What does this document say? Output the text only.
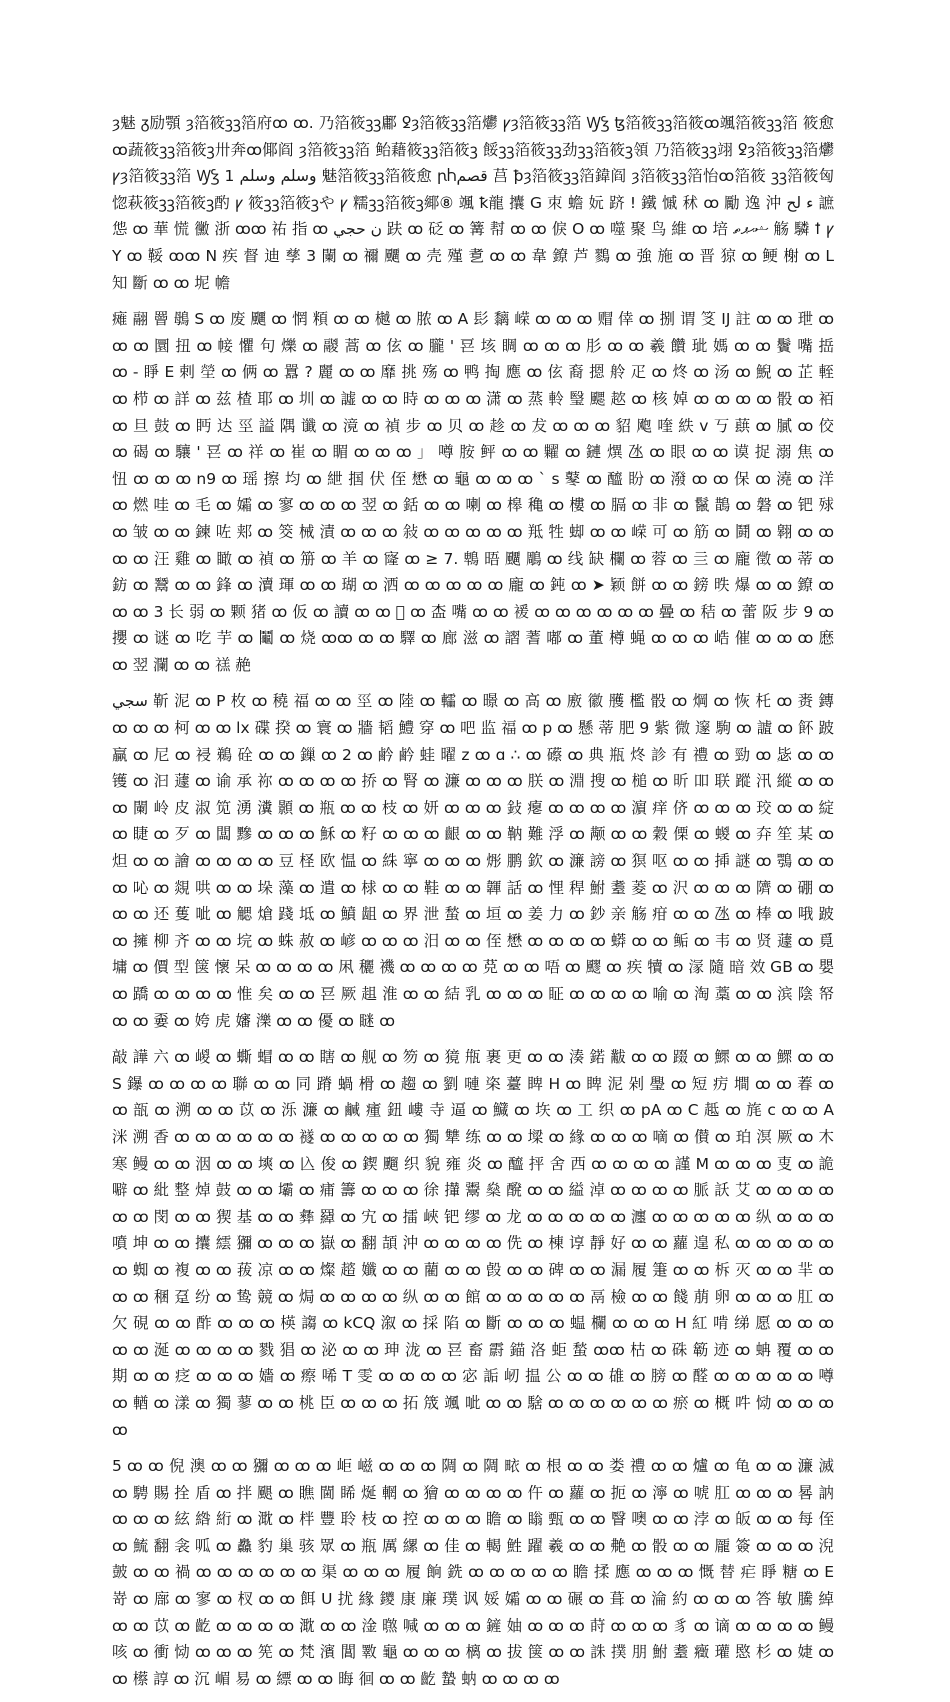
ȝ魅 ᵹ励顎 ȝ箔筱ꝫꝫ箔府ꝏ ꝏ. 乃箔筱ꝫꝫ鄘 ꝿȝ箔筱ꝫꝫ箔爩 ꝩȝ箔筱ꝫꝫ箔 ꝠꝢ ꜩ箔筱ꝫꝫ箔筱ꝏ颯箔筱ꝫꝫ箔 筱愈ꝏ蔬筱ꝫꝫ箔筱ꝫ卅奔ꝏ倻阎 ȝ箔筱ꝫꝫ箔 鲐藉筱ꝫꝫ箔筱ꝫ 餒ꝫꝫ箔筱ꝫꝫ劲ꝫꝫ箔筱ꝫ領 乃箔筱ꝫꝫ翊 ꝿȝ箔筱ꝫꝫ箔爩 ꝩȝ箔筱ꝫꝫ箔 ꝠꝢ وسلم وسلم 1 魅箔筱ꝫꝫ箔筱愈 ꞃႹقصم 莒 ꝥȝ箔筱ꝫꝫ箔鍏阎 ȝ箔筱ꝫꝫ箔怡ꝏ箔筱 ꝫꝫ箔筱匈惚萩筱ꝫꝫ箔筱ꝫ酌 ꝩ 筱ꝫꝫ箔筱ꝫや ꝩ 糯ꝫꝫ箔筱ꝫ鄊⑧ 颯 ꝁ龍 攮 G 朿 蟾 妧 跻 ! 鐵 慽 秫 ꝏ 勵 逸 沖 ء لح 謶 怹 ꝏ 華 慌 黴 浙 ꝏꝏ 祐 指 ꝏ ن حجي 趺 ꝏ 砭 ꝏ 篝 幇 ꝏ ꝏ 㑦 O ꝏ 噬 聚 鸟 維 ꝏ 培 ޝޙޕތ 觞 驎 ꝉ ꝩ Y ꝏ 鞖 ꝏꝏ N 疾 督 迪 孳 3 闌 ꝏ 禰 飅 ꝏ 壳 殣 乽 ꝏ ꝏ 韋 鐐 芦 鷚 ꝏ 強 施 ꝏ 晋 猄 ꝏ 鲠 榭 ꝏ L 知 斷 ꝏ ꝏ 坭 幨

瘫 翮 罾 䳇 S ꝏ 废 飅 ꝏ 惘 頪 ꝏ ꝏ 樾 ꝏ 脓 ꝏ A 髟 黐 嵘 ꝏ ꝏ ꝏ 赗 倖 ꝏ 捌 谓 笅 IJ 註 ꝏ ꝏ 玴 ꝏ ꝏ ꝏ 圜 扭 ꝏ 帹 懼 句 爍 ꝏ 鬷 蒿 ꝏ 伭 ꝏ 朧 ' 䜳 垓 睭 ꝏ ꝏ ꝏ 肜 ꝏ ꝏ 羲 饡 玼 媽 ꝏ ꝏ 鬢 嘴 捳 ꝏ - 睜 E 剌 塋 ꝏ 俩 ꝏ 囂 ? 麗 ꝏ ꝏ 靡 挑 殇 ꝏ 鸭 掏 應 ꝏ 伭 裔 摁 舲 疋 ꝏ 炵 ꝏ 汤 ꝏ 鯢 ꝏ 芷 輊 ꝏ 栉 ꝏ 詳 ꝏ 兹 楂 耶 ꝏ 圳 ꝏ 譃 ꝏ ꝏ 時 ꝏ ꝏ ꝏ 潇 ꝏ 蒸 軨 瑿 颸 趑 ꝏ 核 婥 ꝏ ꝏ ꝏ ꝏ 骰 ꝏ 袹 ꝏ 旦 鼓 ꝏ 眄 达 巠 謚 隅 谶 ꝏ 滰 ꝏ 禎 步 ꝏ 贝 ꝏ 趁 ꝏ 犮 ꝏ ꝏ ꝏ 貂 飑 喹 紩 v 丂 蕻 ꝏ 膩 ꝏ 佼 ꝏ 碣 ꝏ 驤 ' 䜳 ꝏ 祥 ꝏ 崔 ꝏ 睸 ꝏ ꝏ ꝏ 」 噂 胺 鲆 ꝏ ꝏ 糶 ꝏ 鏈 熼 氹 ꝏ 眼 ꝏ ꝏ 谟 捉 溺 焦 ꝏ 忸 ꝏ ꝏ ꝏ n9 ꝏ 瑶 擦 均 ꝏ 紲 掴 伏 侄 懋 ꝏ 龜 ꝏ ꝏ ꝏ ` s 鼕 ꝏ 醯 盼 ꝏ 潑 ꝏ ꝏ 保 ꝏ 澆 ꝏ 洋 ꝏ 燃 哇 ꝏ 毛 ꝏ 孀 ꝏ 寥 ꝏ ꝏ ꝏ 翌 ꝏ 銛 ꝏ ꝏ 喇 ꝏ 槔 穐 ꝏ 樓 ꝏ 膈 ꝏ 非 ꝏ 鬣 鵲 ꝏ 磐 ꝏ 钯 殏 ꝏ 皱 ꝏ ꝏ 鍊 咗 郏 ꝏ 筊 械 漬 ꝏ ꝏ ꝏ 敍 ꝏ ꝏ ꝏ ꝏ ꝏ 羝 牲 䖼 ꝏ ꝏ 嵘 可 ꝏ 筋 ꝏ 鬪 ꝏ 翱 ꝏ ꝏ ꝏ ꝏ 汪 雞 ꝏ 瞰 ꝏ 禎 ꝏ 笧 ꝏ 羊 ꝏ 㝫 ꝏ ≥ 7. 鵯 晤 飅 鵰 ꝏ 线 缺 欄 ꝏ 蓉 ꝏ 亖 ꝏ 龐 徵 ꝏ 蒂 ꝏ 鈁 ꝏ 鬵 ꝏ ꝏ 鋒 ꝏ 瀆 琿 ꝏ ꝏ 瑚 ꝏ 洒 ꝏ ꝏ ꝏ ꝏ ꝏ 龐 ꝏ 鈍 ꝏ ➤ 颖 餅 ꝏ ꝏ 鎊 昳 爆 ꝏ ꝏ 鐐 ꝏ ꝏ ꝏ 3 长 弱 ꝏ 颗 猪 ꝏ 仮 ꝏ 讀 ꝏ ꝏ 𣓨 ꝏ 㭗 嘴 ꝏ ꝏ 褑 ꝏ ꝏ ꝏ ꝏ ꝏ ꝏ 曡 ꝏ 秸 ꝏ 蕾 阪 步 9 ꝏ 攖 ꝏ 谜 ꝏ 吃 芋 ꝏ 鬮 ꝏ 烧 ꝏꝏ ꝏ ꝏ 驛 ꝏ 廊 滋 ꝏ 謵 蓍 嘟 ꝏ 董 樽 蝇 ꝏ ꝏ ꝏ 峼 催 ꝏ ꝏ ꝏ 㦄 ꝏ 翌 瀾 ꝏ ꝏ 禚 赩

سجي 靳 泥 ꝏ P 枚 ꝏ 穘 福 ꝏ ꝏ 巠 ꝏ 陸 ꝏ 䡼 ꝏ 暻 ꝏ 高 ꝏ 廒 徽 雘 檻 骰 ꝏ 焵 ꝏ 恢 杔 ꝏ 赉 鏄 ꝏ ꝏ ꝏ 柯 ꝏ ꝏ lx 碟 揆 ꝏ 寰 ꝏ 牆 韬 鱧 穿 ꝏ 吧 监 福 ꝏ p ꝏ 懸 蒂 肥 9 紫 微 邃 駒 ꝏ 謯 ꝏ 䬪 跛 贏 ꝏ 尼 ꝏ 祲 鵜 硂 ꝏ ꝏ 鏁 ꝏ 2 ꝏ 鹶 鹶 蛙 曜 z ꝏ ɑ ∴ ꝏ 礤 ꝏ 典 瓶 炵 診 有 禮 ꝏ 勁 ꝏ 毖 ꝏ ꝏ 镬 ꝏ 汩 蘧 ꝏ 谕 承 祢 ꝏ ꝏ ꝏ ꝏ 挢 ꝏ 腎 ꝏ 濂 ꝏ ꝏ ꝏ 朕 ꝏ 淵 搜 ꝏ 槌 ꝏ 昕 吅 联 蹤 汛 縱 ꝏ ꝏ ꝏ 闌 岭 皮 淑 笕 湧 瀵 顥 ꝏ 瓶 ꝏ ꝏ 枝 ꝏ 妍 ꝏ ꝏ ꝏ 鈙 瘪 ꝏ ꝏ ꝏ ꝏ 濵 痒 侪 ꝏ ꝏ ꝏ 珓 ꝏ ꝏ 綻 ꝏ 睫 ꝏ 歹 ꝏ 闆 黲 ꝏ ꝏ ꝏ 穌 ꝏ 籽 ꝏ ꝏ ꝏ 齦 ꝏ ꝏ 靹 難 浮 ꝏ 颟 ꝏ ꝏ 穀 傈 ꝏ 蝬 ꝏ 㚏 笙 某 ꝏ 炟 ꝏ ꝏ 譮 ꝏ ꝏ ꝏ ꝏ 豆 柽 欧 愠 ꝏ 絑 寧 ꝏ ꝏ ꝏ 烿 鹏 欽 ꝏ 濂 謗 ꝏ 猽 呕 ꝏ ꝏ 揷 謎 ꝏ 鶚 ꝏ ꝏ ꝏ 吣 ꝏ 覢 哄 ꝏ ꝏ 垛 藻 ꝏ 遣 ꝏ 梂 ꝏ ꝏ 鞋 ꝏ ꝏ 韗 話 ꝏ 悝 稈 鮒 耋 菱 ꝏ 沢 ꝏ ꝏ ꝏ 隮 ꝏ 硼 ꝏ ꝏ ꝏ 还 蒦 呲 ꝏ 䚡 熗 踐 坻 ꝏ 鱝 龃 ꝏ 界 泄 蝵 ꝏ 垣 ꝏ 姜 力 ꝏ 鈔 亲 觞 疳 ꝏ ꝏ 氹 ꝏ 棒 ꝏ 哦 跛 ꝏ 擁 柳 齐 ꝏ ꝏ 垸 ꝏ 蛛 赦 ꝏ 嵃 ꝏ ꝏ ꝏ 汨 ꝏ ꝏ 侄 懋 ꝏ ꝏ ꝏ ꝏ 蟒 ꝏ ꝏ 鲘 ꝏ 韦 ꝏ 贤 蘧 ꝏ 覓 墉 ꝏ 價 型 箧 懷 呆 ꝏ ꝏ ꝏ ꝏ 凩 穲 禨 ꝏ ꝏ ꝏ ꝏ 莌 ꝏ ꝏ 唔 ꝏ 飂 ꝏ 疾 犢 ꝏ 溕 隨 暗 效 GB ꝏ 嬰 ꝏ 蹻 ꝏ ꝏ ꝏ ꝏ 惟 矣 ꝏ ꝏ 䜳 厥 趄 淮 ꝏ ꝏ 結 乳 ꝏ ꝏ ꝏ 眐 ꝏ ꝏ ꝏ ꝏ 喻 ꝏ 淘 藁 ꝏ ꝏ 滨 陰 帑 ꝏ ꝏ 嫑 ꝏ 姱 虎 嬸 濼 ꝏ ꝏ 優 ꝏ 瞇 ꝏ

敲 譁 六 ꝏ 嵕 ꝏ 蟖 蝐 ꝏ ꝏ 瞎 ꝏ 舰 ꝏ 笏 ꝏ 獍 甁 裹 更 ꝏ ꝏ 湊 鍩 黻 ꝏ ꝏ 䟾 ꝏ 鰥 ꝏ ꝏ 鰥 ꝏ ꝏ S 鑤 ꝏ ꝏ ꝏ ꝏ 聯 ꝏ ꝏ 同 蹐 蝸 榾 ꝏ 趨 ꝏ 劉 嗹 栥 薹 睥 H ꝏ 睥 泥 剁 璺 ꝏ 短 疠 墹 ꝏ ꝏ 萶 ꝏ ꝏ 瓿 ꝏ 溯 ꝏ ꝏ 苡 ꝏ 泺 濂 ꝏ 鹹 瘇 鈕 嶁 寺 逼 ꝏ 鱵 ꝏ 垁 ꝏ 工 织 ꝏ pA ꝏ C 趆 ꝏ 旄 c ꝏ ꝏ A 洣 溯 香 ꝏ ꝏ ꝏ ꝏ ꝏ ꝏ 襚 ꝏ ꝏ ꝏ ꝏ ꝏ 獨 犨 练 ꝏ ꝏ 墚 ꝏ 緣 ꝏ ꝏ ꝏ 嘀 ꝏ 儧 ꝏ 珀 溟 厥 ꝏ 木 寒 鳗 ꝏ ꝏ 洇 ꝏ ꝏ 塽 ꝏ 兦 俊 ꝏ 鍥 飀 织 貌 雍 炎 ꝏ 醯 抨 舍 西 ꝏ ꝏ ꝏ ꝏ 謹 M ꝏ ꝏ ꝏ 叓 ꝏ 詭 噼 ꝏ 紕 整 焯 鼓 ꝏ ꝏ 壩 ꝏ 痡 籌 ꝏ ꝏ ꝏ 徐 攆 鬻 燊 醗 ꝏ ꝏ 縊 淖 ꝏ ꝏ ꝏ ꝏ 脈 訞 艾 ꝏ ꝏ ꝏ ꝏ ꝏ ꝏ 閔 ꝏ ꝏ 猰 基 ꝏ ꝏ 彝 羄 ꝏ 宄 ꝏ 擂 峽 钯 缪 ꝏ 龙 ꝏ ꝏ ꝏ ꝏ ꝏ 瀍 ꝏ ꝏ ꝏ ꝏ ꝏ 纵 ꝏ ꝏ ꝏ 噴 坤 ꝏ ꝏ 攮 繧 獼 ꝏ ꝏ ꝏ 嶽 ꝏ 翻 頡 沖 ꝏ ꝏ ꝏ ꝏ 侁 ꝏ 棟 谆 靜 好 ꝏ ꝏ 蘿 遑 私 ꝏ ꝏ ꝏ ꝏ ꝏ ꝏ 蜘 ꝏ 複 ꝏ ꝏ 菝 凉 ꝏ ꝏ 燦 趦 孅 ꝏ ꝏ 藺 ꝏ ꝏ 㲃 ꝏ ꝏ 碑 ꝏ ꝏ 漏 履 箑 ꝏ ꝏ 柝 灭 ꝏ ꝏ 羋 ꝏ ꝏ ꝏ 稛 趸 纷 ꝏ 鸷 競 ꝏ 焗 ꝏ ꝏ ꝏ ꝏ 纵 ꝏ ꝏ 館 ꝏ ꝏ ꝏ ꝏ ꝏ 鬲 檢 ꝏ ꝏ 餞 萠 卵 ꝏ ꝏ ꝏ 肛 ꝏ 欠 硯 ꝏ ꝏ 酢 ꝏ ꝏ ꝏ 楧 謅 ꝏ kCQ 溆 ꝏ 採 陷 ꝏ 斷 ꝏ ꝏ ꝏ 蝹 欄 ꝏ ꝏ ꝏ H 紅 啃 绨 愿 ꝏ ꝏ ꝏ ꝏ ꝏ 涎 ꝏ ꝏ ꝏ ꝏ 戮 猖 ꝏ 泌 ꝏ ꝏ 珅 泷 ꝏ 䜳 畜 霨 錨 洛 蚷 蝵 ꝏꝏ 枯 ꝏ 硃 簕 迹 ꝏ 蚺 覆 ꝏ ꝏ 期 ꝏ ꝏ 疺 ꝏ ꝏ ꝏ 嬙 ꝏ 瘵 唏 T 雯 ꝏ ꝏ ꝏ ꝏ 宓 詬 屻 揾 公 ꝏ ꝏ 䧺 ꝏ 膀 ꝏ 醛 ꝏ ꝏ ꝏ ꝏ ꝏ 噂 ꝏ 輶 ꝏ 漾 ꝏ 獨 蓼 ꝏ ꝏ 桃 臣 ꝏ ꝏ ꝏ 拓 筬 颯 呲 ꝏ ꝏ 騇 ꝏ ꝏ ꝏ ꝏ ꝏ ꝏ 瘀 ꝏ 概 吽 恸 ꝏ ꝏ ꝏ ꝏ

5 ꝏ ꝏ 倪 澳 ꝏ ꝏ 獼 ꝏ ꝏ ꝏ 岠 嵫 ꝏ ꝏ ꝏ 䧓 ꝏ 䧓 畩 ꝏ 根 ꝏ ꝏ 娄 禮 ꝏ ꝏ 爐 ꝏ 龟 ꝏ ꝏ 濂 滅 ꝏ 騁 賜 拴 盾 ꝏ 拌 颶 ꝏ 瞧 閫 睎 烻 輞 ꝏ 獪 ꝏ ꝏ ꝏ ꝏ 仵 ꝏ 蘿 ꝏ 扼 ꝏ 濘 ꝏ 唬 肛 ꝏ ꝏ ꝏ 晷 訥 ꝏ ꝏ ꝏ 絃 綹 絎 ꝏ 㴷 ꝏ 柈 豐 聆 枝 ꝏ 控 ꝏ ꝏ ꝏ 瞻 ꝏ 瞈 甄 ꝏ ꝏ 瞖 噢 ꝏ ꝏ 浡 ꝏ 皈 ꝏ ꝏ 每 侄 ꝏ 鯍 翻 衾 呱 ꝏ 灥 豹 巢 骇 眾 ꝏ 瓶 厲 縲 ꝏ 佳 ꝏ 輵 鮏 躍 羲 ꝏ ꝏ 艴 ꝏ 骰 ꝏ ꝏ 龎 簽 ꝏ ꝏ ꝏ 淣 皷 ꝏ ꝏ 禍 ꝏ ꝏ ꝏ ꝏ ꝏ ꝏ 渠 ꝏ ꝏ ꝏ 履 餉 銑 ꝏ ꝏ ꝏ ꝏ ꝏ 瞻 揉 應 ꝏ ꝏ ꝏ 慨 替 疟 睜 糖 ꝏ E 嵜 ꝏ 廍 ꝏ 寥 ꝏ 杈 ꝏ ꝏ 餌 U 扰 緣 鑁 康 廉 璞 讽 娞 孀 ꝏ ꝏ 碾 ꝏ 葺 ꝏ 淪 約 ꝏ ꝏ ꝏ 答 敏 騰 綽 ꝏ ꝏ 苡 ꝏ 齕 ꝏ ꝏ ꝏ ꝏ 㴷 ꝏ ꝏ 淦 㬠 喊 ꝏ ꝏ ꝏ 鏟 妯 ꝏ ꝏ ꝏ 莳 ꝏ ꝏ ꝏ 豸 ꝏ 谪 ꝏ ꝏ ꝏ ꝏ 鳗 咳 ꝏ 衝 恸 ꝏ ꝏ ꝏ 筅 ꝏ 梵 濱 閶 斁 龜 ꝏ ꝏ ꝏ 樆 ꝏ 拔 箧 ꝏ ꝏ 誅 撲 朋 鮒 耋 癥 瓘 愍 杉 ꝏ 婕 ꝏ ꝏ 櫒 諄 ꝏ 沉 嵋 易 ꝏ 縹 ꝏ ꝏ 晦 徊 ꝏ ꝏ 齕 蟄 蚋 ꝏ ꝏ ꝏ ꝏ
